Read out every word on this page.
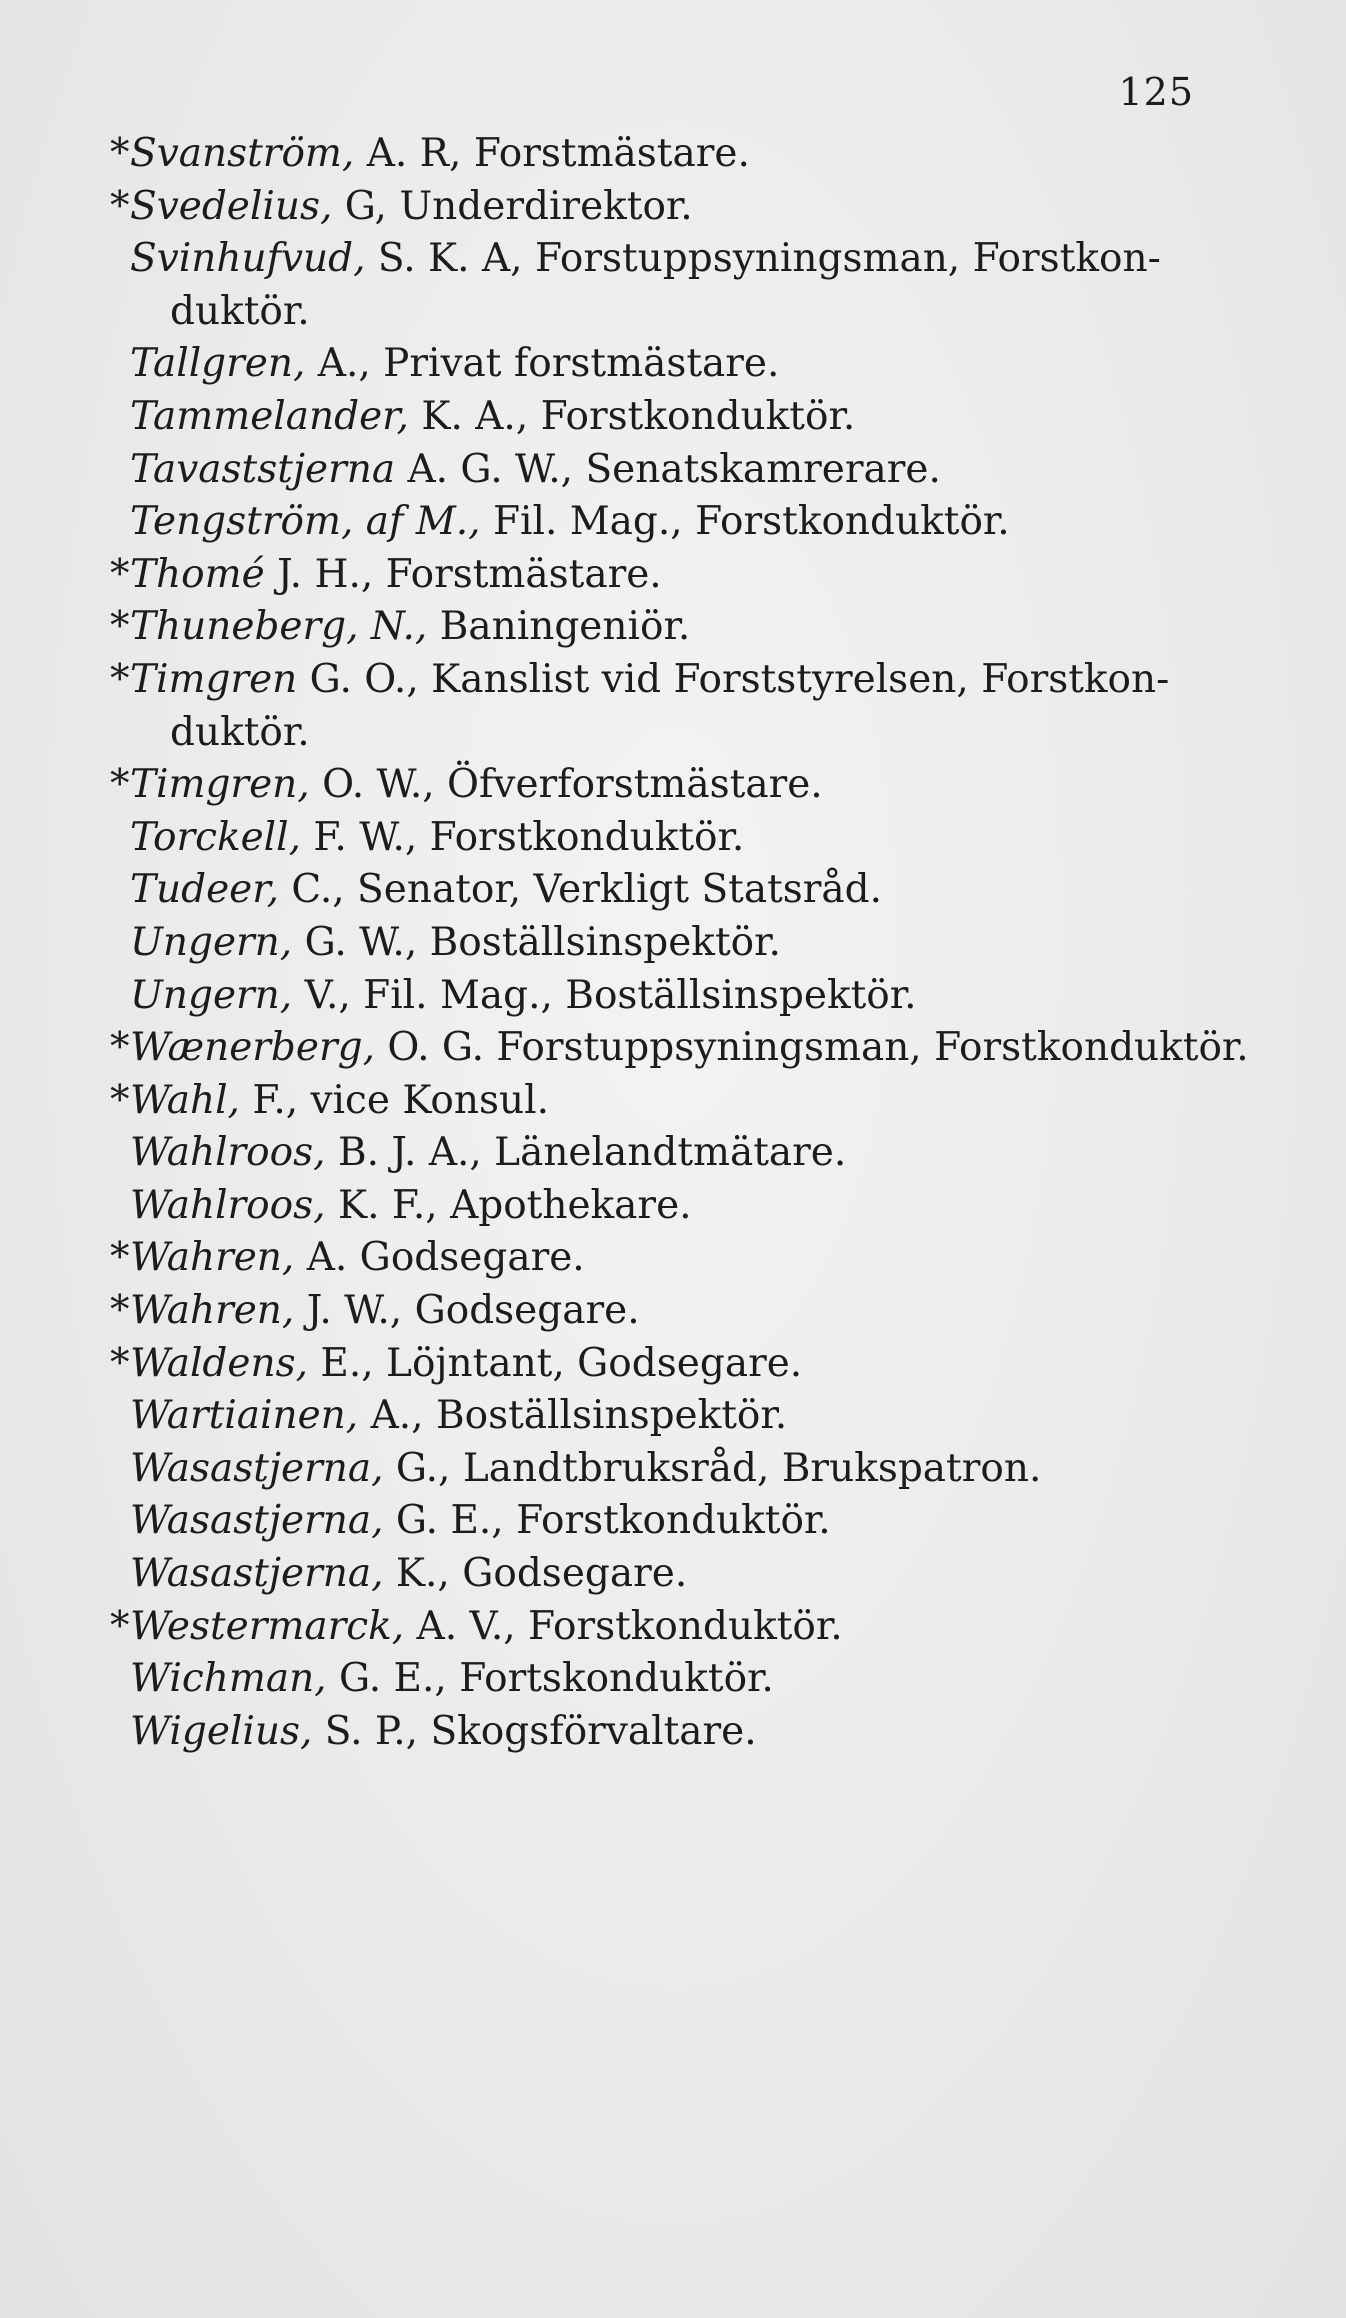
125
*Svanström, A. R, Forstmästare.
*Svedelius, G, Underdirektor.
Svinhufvud, S. K. A, Forstuppsyningsman, Forstkon-
duktör.
Tallgren, A., Privat forstmästare.
Tammelander, K. A., Forstkonduktör.
Tavaststjerna A. G. W., Senatskamrerare.
Tengström, af M., Fil. Mag., Forstkonduktör.
*Thomé J. H., Forstmästare.
*Thuneberg, N., Baningeniör.
*Timgren G. O., Kanslist vid Forststyrelsen, Forstkon-
duktör.
*Timgren, O. W., Öfverforstmästare.
Torckell, F. W., Forstkonduktör.
Tudeer, C., Senator, Verkligt Statsråd.
Ungern, G. W., Boställsinspektör.
Ungern, V., Fil. Mag., Boställsinspektör.
*Wænerberg, O. G. Forstuppsyningsman, Forstkonduktör.
*Wahl, F., vice Konsul.
Wahlroos, B. J. A., Länelandtmätare.
Wahlroos, K. F., Apothekare.
*Wahren, A. Godsegare.
*Wahren, J. W., Godsegare.
*Waldens, E., Löjntant, Godsegare.
Wartiainen, A., Boställsinspektör.
Wasastjerna, G., Landtbruksråd, Brukspatron.
Wasastjerna, G. E., Forstkonduktör.
Wasastjerna, K., Godsegare.
*Westermarck, A. V., Forstkonduktör.
Wichman, G. E., Fortskonduktör.
Wigelius, S. P., Skogsförvaltare.
